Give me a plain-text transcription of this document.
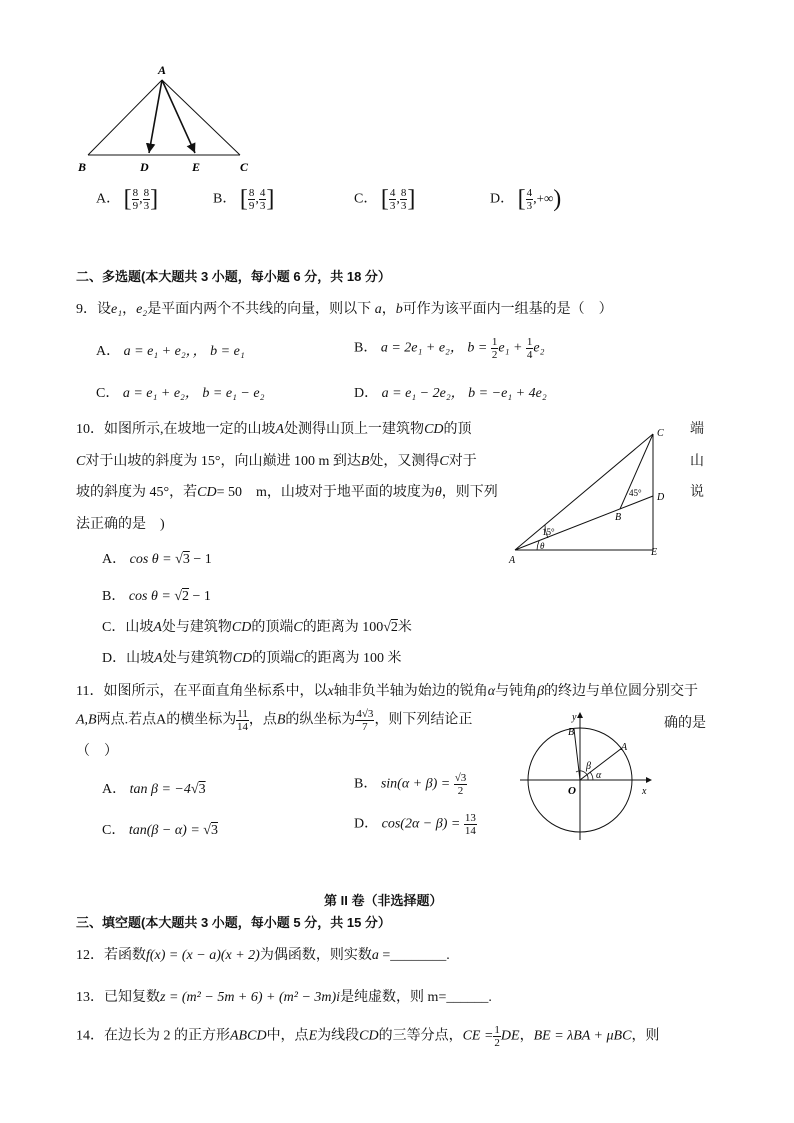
A
B	D	E	C
A． [ $\frac{8}{9}$ , $\frac{8}{3}$ ]	B． [ $\frac{8}{9}$ , $\frac{4}{3}$ ]	C． [ $\frac{4}{3}$ , $\frac{8}{3}$ ]	D． [ $\frac{4}{3}$ ,+∞)
二、多选题(本大题共 3 小题，每小题 6 分，共 18 分）
9．设e₁，e₂是平面内两个不共线的向量，则以下 a，b可作为该平面内一组基的是（　）
A． a = e₁ + e₂，， b = e₁	B． a = 2e₁ + e₂， $b = \frac{1}{2} e_1 + \frac{1}{4} e_2$
C． a = e₁ + e₂， b = e₁ − e₂	D． a = e₁ − 2e₂， b = −e₁ + 4e₂
10．如图所示,在坡地一定的山坡A处测得山顶上一建筑物CD的顶	端
C对于山坡的斜度为 15°，向山巅进 100 m 到达B处，又测得C对于	山
坡的斜度为 45°，若CD= 50　m，山坡对于地平面的坡度为θ，则下列	说
法正确的是　)
A． cos θ = √3 − 1
B． cos θ = √2 − 1
C．山坡A处与建筑物CD的顶端C的距离为 100√2米
D．山坡A处与建筑物CD的顶端C的距离为 100 米
C
D
B
A
E
45°
15°
θ
11．如图所示，在平面直角坐标系中，以x轴非负半轴为始边的锐角α与钝角β的终边与单位圆分别交于
A,B两点.若点A的横坐标为 $\frac{11}{14}$ ，点B的纵坐标为 $\frac{4√3}{7}$ ，则下列结论正	确的是
（　）
A． tan β = −4√3	B． $\sin(\alpha + \beta) = \frac{√3}{2}$
C． tan(β − α) = √3	D． $\cos(2\alpha - \beta) = \frac{13}{14}$
y
x
O
A
B
α
β
第 II 卷（非选择题）
三、填空题(本大题共 3 小题，每小题 5 分，共 15 分）
12．若函数f(x) = (x − a)(x + 2)为偶函数，则实数a =________.
13．已知复数z = (m² − 5m + 6) + (m² − 3m)i是纯虚数，则 m=______.
14．在边长为 2 的正方形ABCD中，点E为线段CD的三等分点，CE = $\frac{1}{2}$ DE，BE = λBA + μBC，则
